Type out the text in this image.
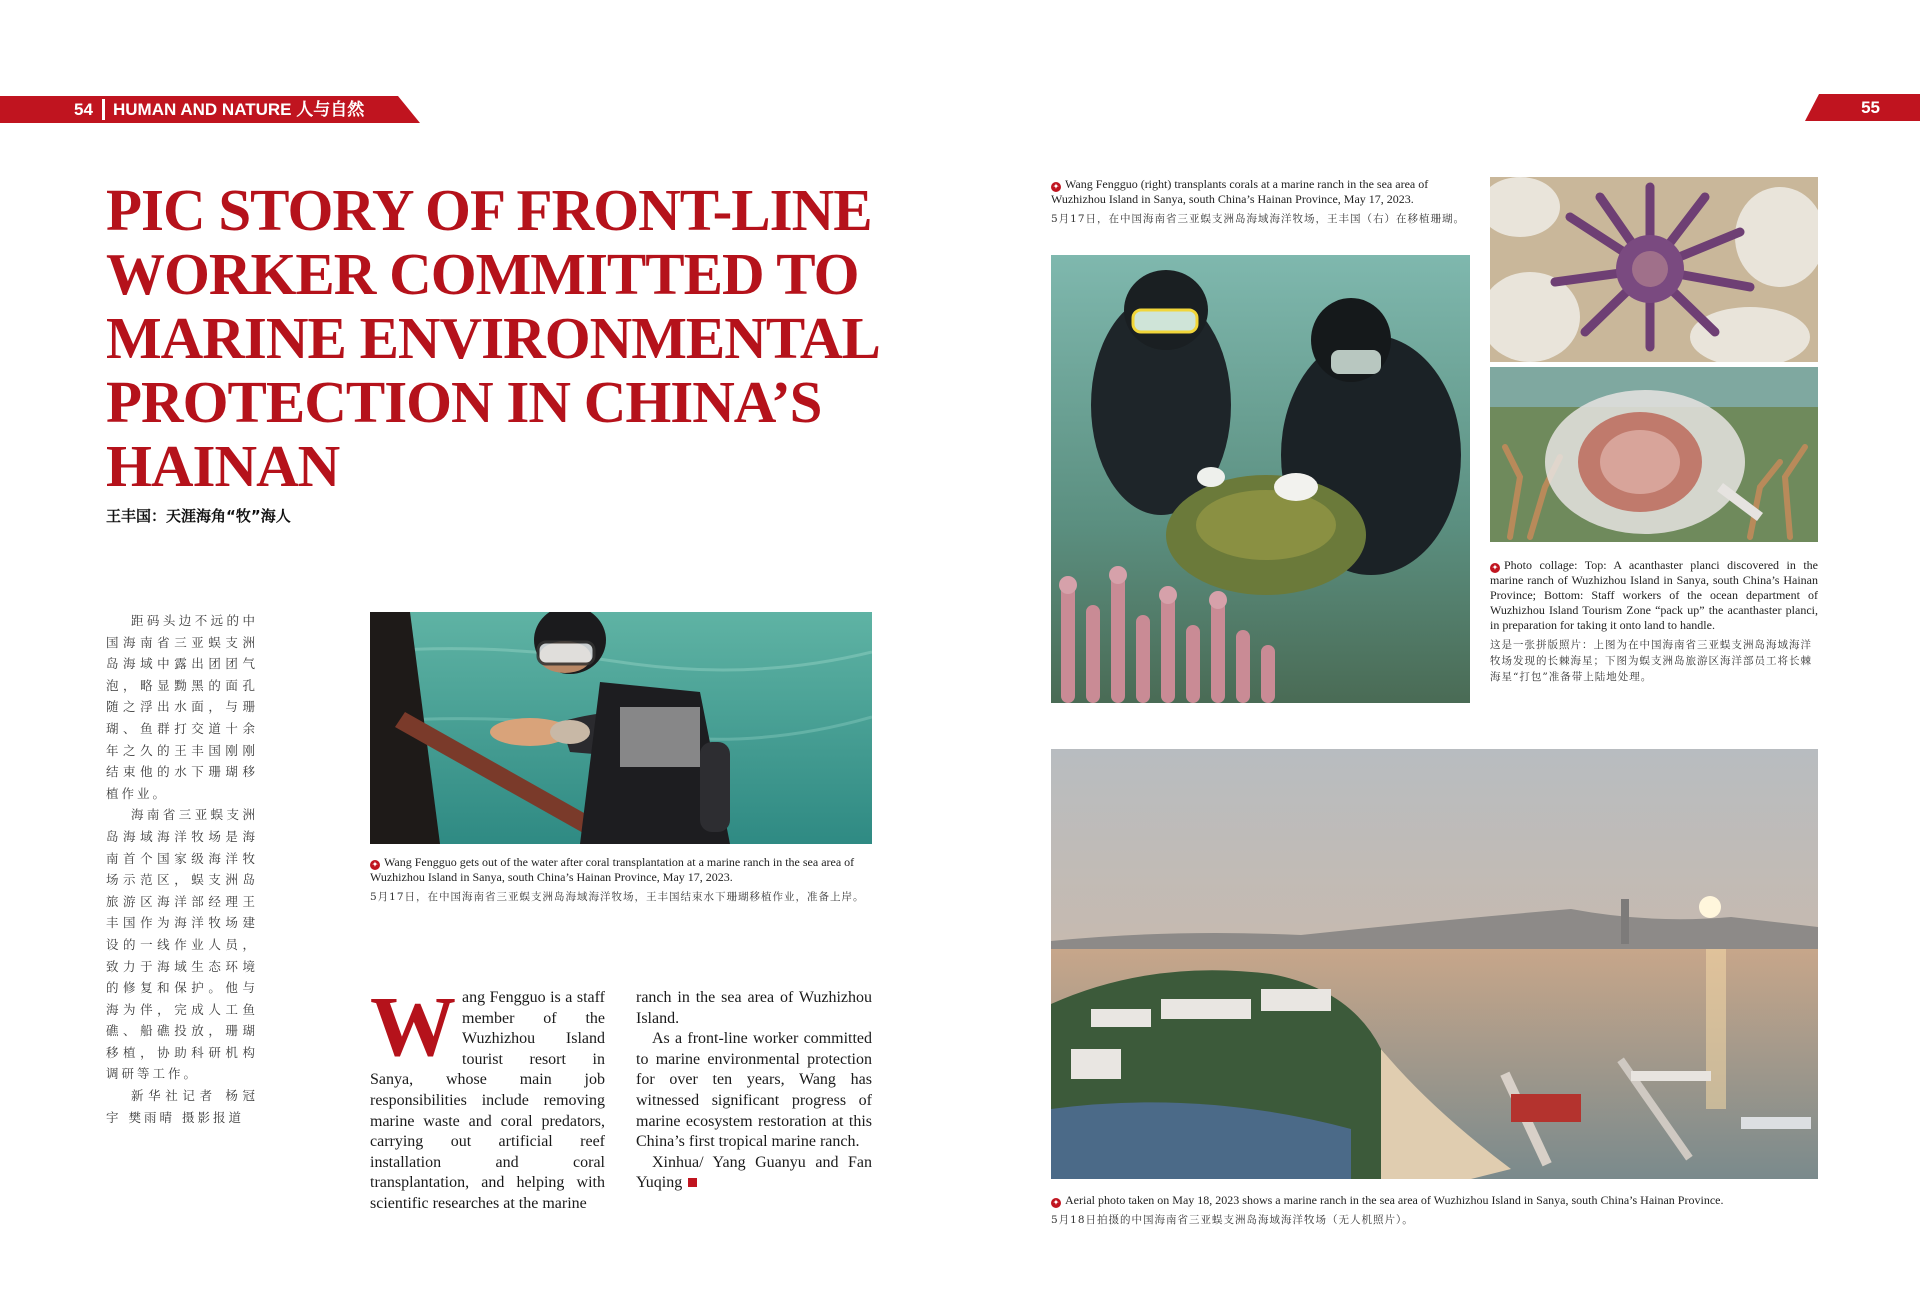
54 HUMAN AND NATURE 人与自然	55
PIC STORY OF FRONT-LINE
WORKER COMMITTED TO
MARINE ENVIRONMENTAL
PROTECTION IN CHINA’S
HAINAN
王丰国：天涯海角“牧”海人

距码头边不远的中国海南省三亚蜈支洲岛海域中露出团团气泡，略显黝黑的面孔随之浮出水面，与珊瑚、鱼群打交道十余年之久的王丰国刚刚结束他的水下珊瑚移植作业。

海南省三亚蜈支洲岛海域海洋牧场是海南首个国家级海洋牧场示范区，蜈支洲岛旅游区海洋部经理王丰国作为海洋牧场建设的一线作业人员，致力于海域生态环境的修复和保护。他与海为伴，完成人工鱼礁、船礁投放，珊瑚移植，协助科研机构调研等工作。

新华社记者 杨冠宇 樊雨晴 摄影报道

✦ Wang Fengguo gets out of the water after coral transplantation at a marine ranch in the sea area of Wuzhizhou Island in Sanya, south China’s Hainan Province, May 17, 2023.
5月17日，在中国海南省三亚蜈支洲岛海域海洋牧场，王丰国结束水下珊瑚移植作业，准备上岸。
✦ Wang Fengguo (right) transplants corals at a marine ranch in the sea area of Wuzhizhou Island in Sanya, south China’s Hainan Province, May 17, 2023.
5月17日，在中国海南省三亚蜈支洲岛海域海洋牧场，王丰国（右）在移植珊瑚。
✦ Photo collage: Top: A acanthaster planci discovered in the marine ranch of Wuzhizhou Island in Sanya, south China’s Hainan Province; Bottom: Staff workers of the ocean department of Wuzhizhou Island Tourism Zone “pack up” the acanthaster planci, in preparation for taking it onto land to handle.
这是一张拼版照片：上图为在中国海南省三亚蜈支洲岛海域海洋牧场发现的长棘海星；下图为蜈支洲岛旅游区海洋部员工将长棘海星“打包”准备带上陆地处理。
✦ Aerial photo taken on May 18, 2023 shows a marine ranch in the sea area of Wuzhizhou Island in Sanya, south China’s Hainan Province.
5月18日拍摄的中国海南省三亚蜈支洲岛海域海洋牧场（无人机照片）。
Wang Fengguo is a staff member of the Wuzhizhou Island tourist resort in Sanya, whose main job responsibilities include removing marine waste and coral predators, carrying out artificial reef installation and coral transplantation, and helping with scientific researches at the marine

ranch in the sea area of Wuzhizhou Island.

As a front-line worker committed to marine environmental protection for over ten years, Wang has witnessed significant progress of marine ecosystem restoration at this China’s first tropical marine ranch.

Xinhua/ Yang Guanyu and Fan Yuqing
